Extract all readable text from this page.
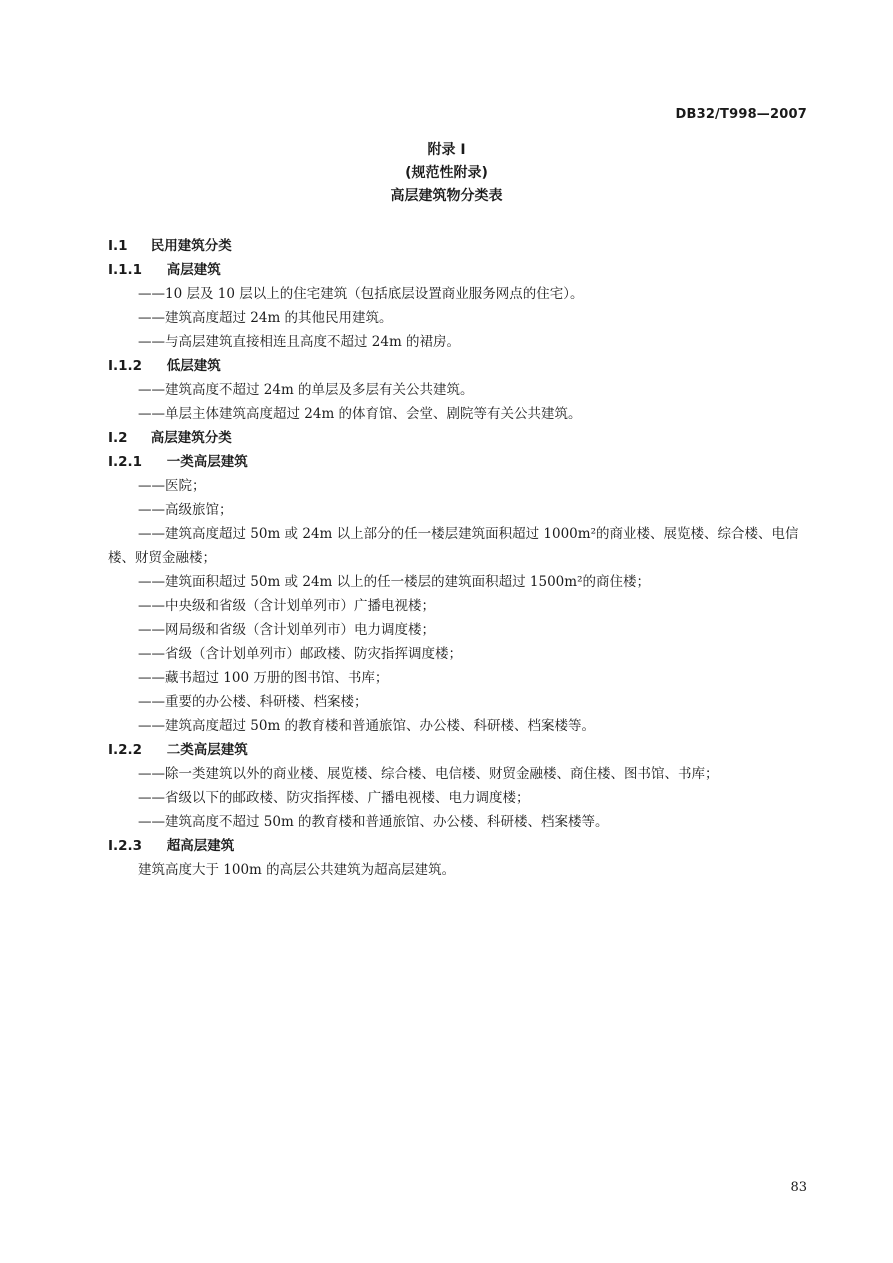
DB32/T998—2007
附录 I
(规范性附录)
高层建筑物分类表
I.1 民用建筑分类
I.1.1 高层建筑
——10 层及 10 层以上的住宅建筑（包括底层设置商业服务网点的住宅）。
——建筑高度超过 24m 的其他民用建筑。
——与高层建筑直接相连且高度不超过 24m 的裙房。
I.1.2 低层建筑
——建筑高度不超过 24m 的单层及多层有关公共建筑。
——单层主体建筑高度超过 24m 的体育馆、会堂、剧院等有关公共建筑。
I.2 高层建筑分类
I.2.1 一类高层建筑
——医院；
——高级旅馆；
——建筑高度超过 50m 或 24m 以上部分的任一楼层建筑面积超过 1000m²的商业楼、展览楼、综合楼、电信楼、财贸金融楼；
——建筑面积超过 50m 或 24m 以上的任一楼层的建筑面积超过 1500m²的商住楼；
——中央级和省级（含计划单列市）广播电视楼；
——网局级和省级（含计划单列市）电力调度楼；
——省级（含计划单列市）邮政楼、防灾指挥调度楼；
——藏书超过 100 万册的图书馆、书库；
——重要的办公楼、科研楼、档案楼；
——建筑高度超过 50m 的教育楼和普通旅馆、办公楼、科研楼、档案楼等。
I.2.2 二类高层建筑
——除一类建筑以外的商业楼、展览楼、综合楼、电信楼、财贸金融楼、商住楼、图书馆、书库；
——省级以下的邮政楼、防灾指挥楼、广播电视楼、电力调度楼；
——建筑高度不超过 50m 的教育楼和普通旅馆、办公楼、科研楼、档案楼等。
I.2.3 超高层建筑
建筑高度大于 100m 的高层公共建筑为超高层建筑。
83
